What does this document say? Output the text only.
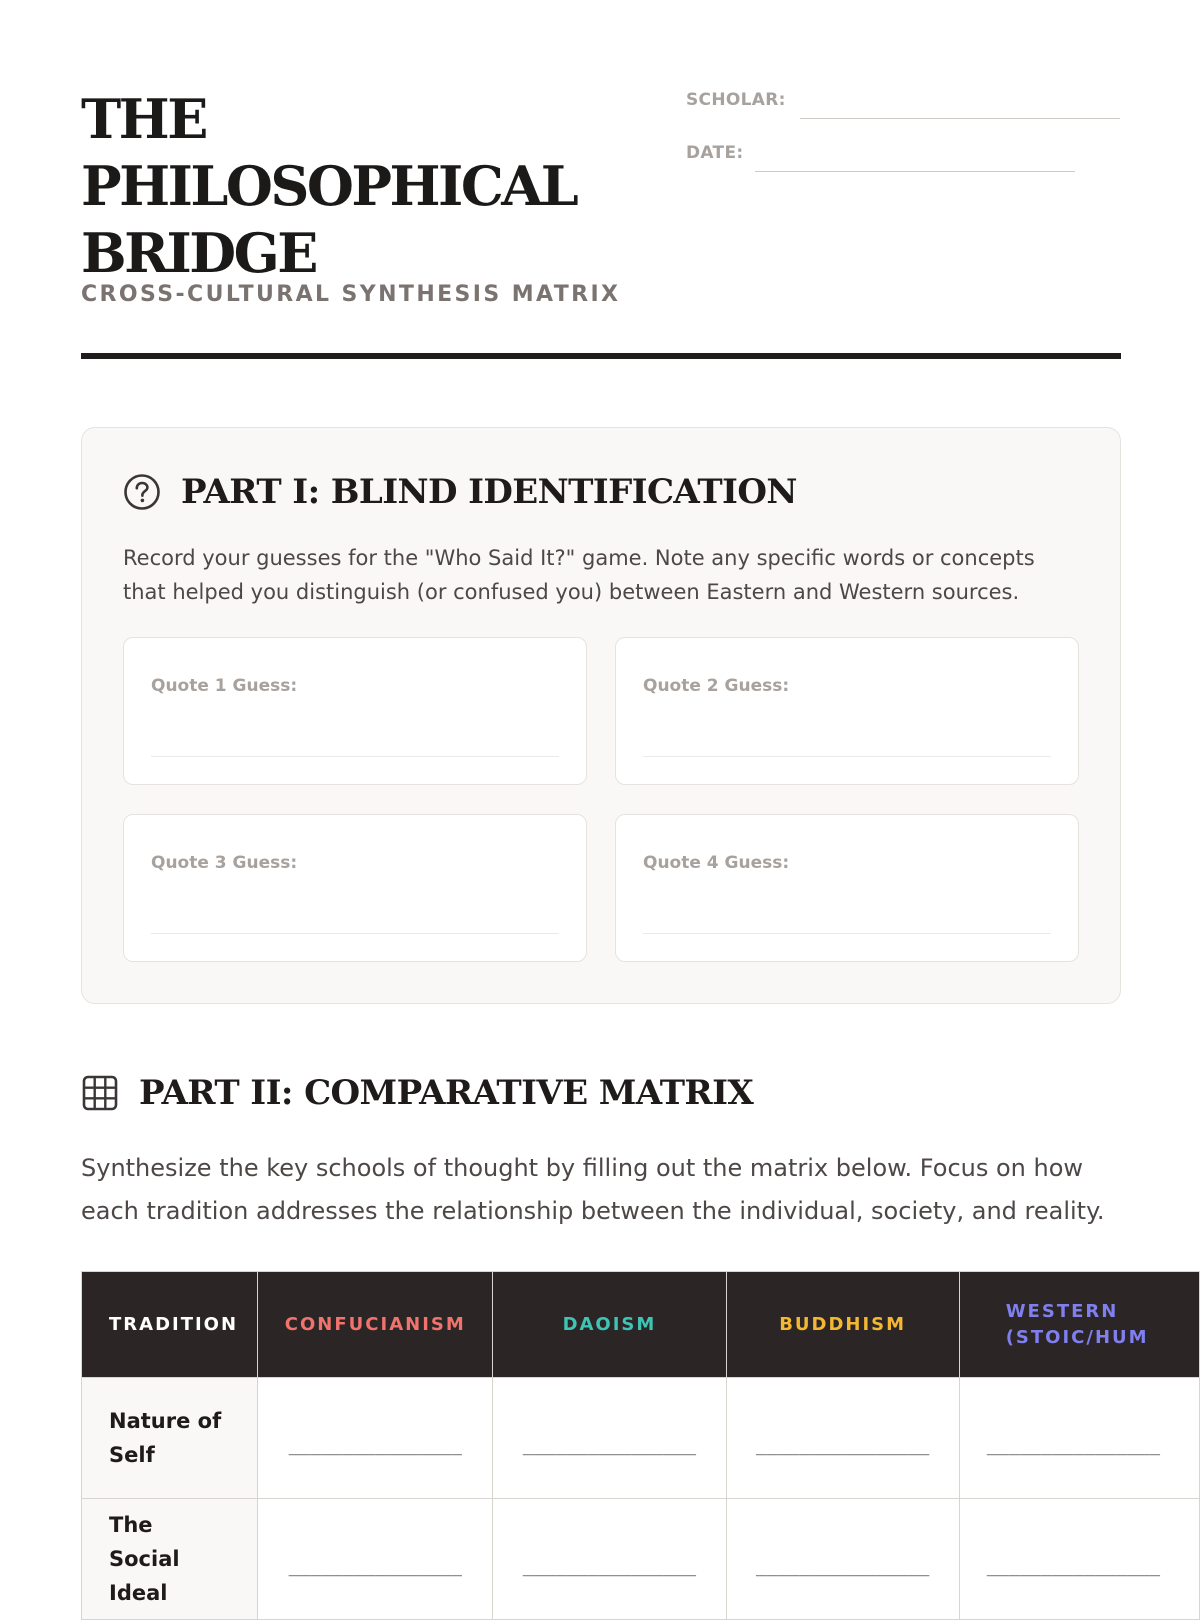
THE
PHILOSOPHICAL
BRIDGE
CROSS-CULTURAL SYNTHESIS MATRIX
SCHOLAR:
DATE:
PART I: BLIND IDENTIFICATION
Record your guesses for the "Who Said It?" game. Note any specific words or concepts that helped you distinguish (or confused you) between Eastern and Western sources.
Quote 1 Guess:	Quote 2 Guess:
Quote 3 Guess:	Quote 4 Guess:
PART II: COMPARATIVE MATRIX
Synthesize the key schools of thought by filling out the matrix below. Focus on how each tradition addresses the relationship between the individual, society, and reality.
TRADITION	CONFUCIANISM	DAOISM	BUDDHISM	WESTERN (STOIC/HUM
Nature of Self	________________	________________	________________	________________
The Social Ideal	________________	________________	________________	________________
